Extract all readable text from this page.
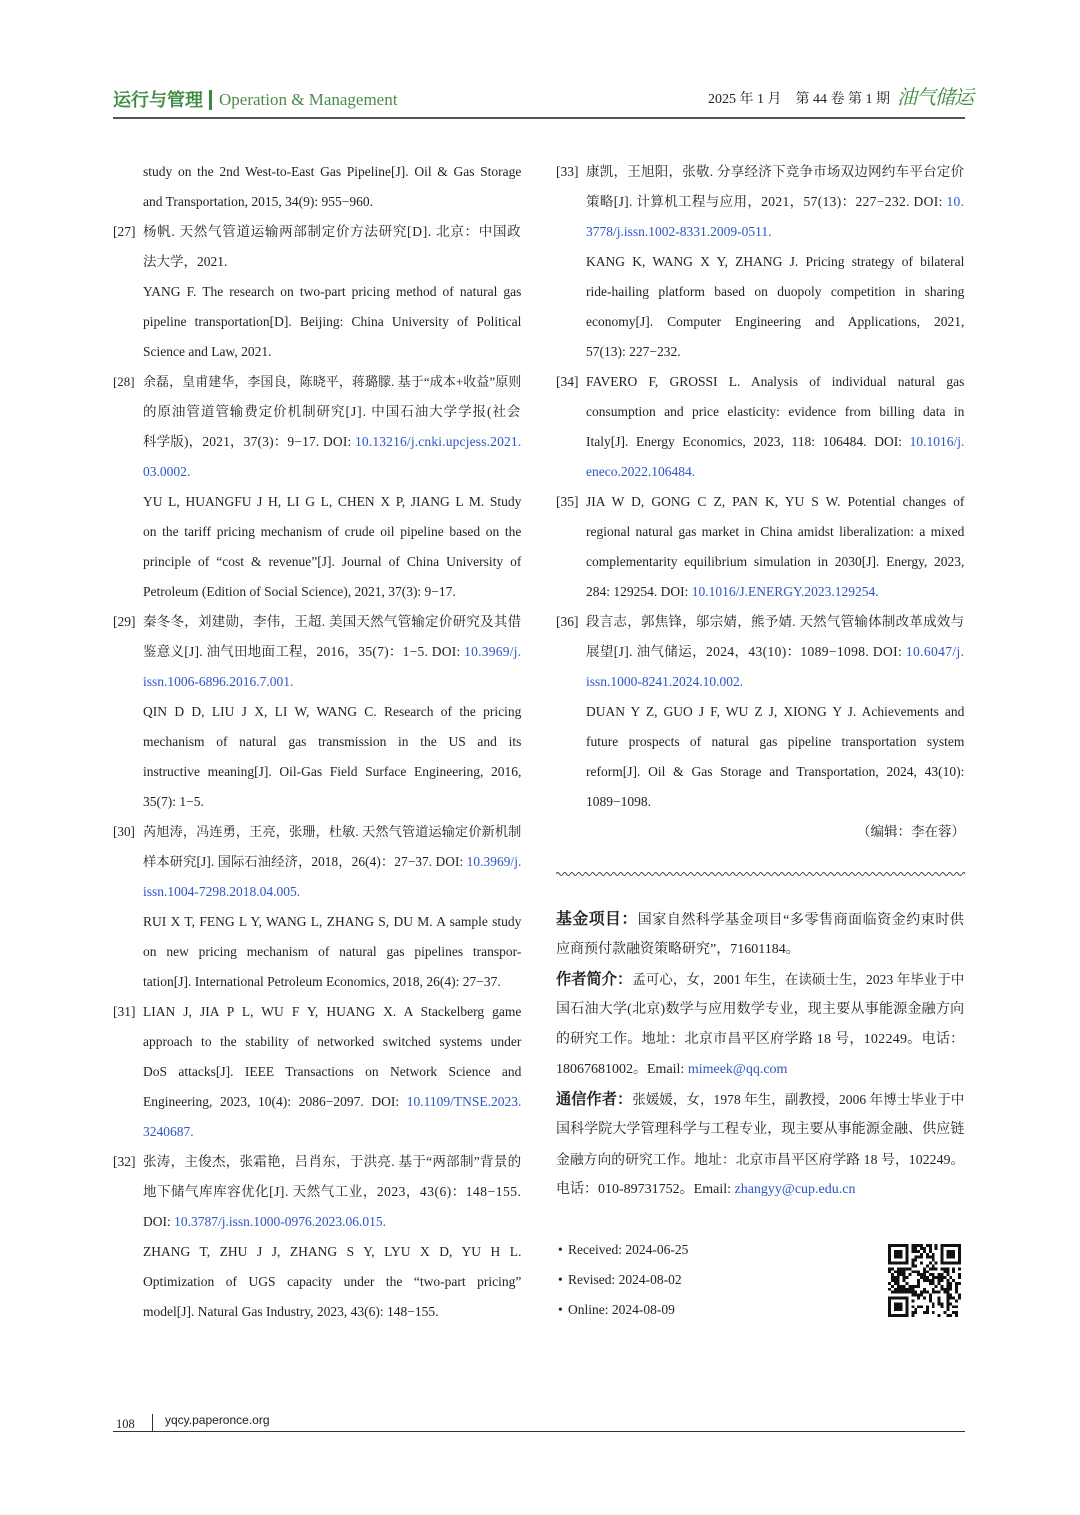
运行与管理 Operation & Management	2025 年 1 月　第 44 卷 第 1 期 油气储运
study on the 2nd West-to-East Gas Pipeline[J]. Oil & Gas Storage
and Transportation, 2015, 34(9): 955−960.
[27] 杨帆. 天然气管道运输两部制定价方法研究[D]. 北京：中国政
法大学，2021.
YANG F. The research on two-part pricing method of natural gas
pipeline transportation[D]. Beijing: China University of Political
Science and Law, 2021.
[28] 余磊，皇甫建华，李国良，陈晓平，蒋璐朦. 基于“成本+收益”原则
的原油管道管输费定价机制研究[J]. 中国石油大学学报(社会
科学版)，2021，37(3)：9−17. DOI: 10.13216/j.cnki.upcjess.2021.
03.0002.
YU L, HUANGFU J H, LI G L, CHEN X P, JIANG L M. Study
on the tariff pricing mechanism of crude oil pipeline based on the
principle of “cost & revenue”[J]. Journal of China University of
Petroleum (Edition of Social Science), 2021, 37(3): 9−17.
[29] 秦冬冬，刘建勋，李伟，王超. 美国天然气管输定价研究及其借
鉴意义[J]. 油气田地面工程，2016，35(7)：1−5. DOI: 10.3969/j.
issn.1006-6896.2016.7.001.
QIN D D, LIU J X, LI W, WANG C. Research of the pricing
mechanism of natural gas transmission in the US and its
instructive meaning[J]. Oil-Gas Field Surface Engineering, 2016,
35(7): 1−5.
[30] 芮旭涛，冯连勇，王亮，张珊，杜敏. 天然气管道运输定价新机制
样本研究[J]. 国际石油经济，2018，26(4)：27−37. DOI: 10.3969/j.
issn.1004-7298.2018.04.005.
RUI X T, FENG L Y, WANG L, ZHANG S, DU M. A sample study
on new pricing mechanism of natural gas pipelines transpor-
tation[J]. International Petroleum Economics, 2018, 26(4): 27−37.
[31] LIAN J, JIA P L, WU F Y, HUANG X. A Stackelberg game
approach to the stability of networked switched systems under
DoS attacks[J]. IEEE Transactions on Network Science and
Engineering, 2023, 10(4): 2086−2097. DOI: 10.1109/TNSE.2023.
3240687.
[32] 张涛，主俊杰，张霜艳，吕肖东，于洪亮. 基于“两部制”背景的
地下储气库库容优化[J]. 天然气工业，2023，43(6)：148−155.
DOI: 10.3787/j.issn.1000-0976.2023.06.015.
ZHANG T, ZHU J J, ZHANG S Y, LYU X D, YU H L.
Optimization of UGS capacity under the “two-part pricing”
model[J]. Natural Gas Industry, 2023, 43(6): 148−155.
[33] 康凯，王旭阳，张敬. 分享经济下竞争市场双边网约车平台定价
策略[J]. 计算机工程与应用，2021，57(13)：227−232. DOI: 10.
3778/j.issn.1002-8331.2009-0511.
KANG K, WANG X Y, ZHANG J. Pricing strategy of bilateral
ride-hailing platform based on duopoly competition in sharing
economy[J]. Computer Engineering and Applications, 2021,
57(13): 227−232.
[34] FAVERO F, GROSSI L. Analysis of individual natural gas
consumption and price elasticity: evidence from billing data in
Italy[J]. Energy Economics, 2023, 118: 106484. DOI: 10.1016/j.
eneco.2022.106484.
[35] JIA W D, GONG C Z, PAN K, YU S W. Potential changes of
regional natural gas market in China amidst liberalization: a mixed
complementarity equilibrium simulation in 2030[J]. Energy, 2023,
284: 129254. DOI: 10.1016/J.ENERGY.2023.129254.
[36] 段言志，郭焦锋，邬宗婧，熊予婧. 天然气管输体制改革成效与
展望[J]. 油气储运，2024，43(10)：1089−1098. DOI: 10.6047/j.
issn.1000-8241.2024.10.002.
DUAN Y Z, GUO J F, WU Z J, XIONG Y J. Achievements and
future prospects of natural gas pipeline transportation system
reform[J]. Oil & Gas Storage and Transportation, 2024, 43(10):
1089−1098.
（编辑：李在蓉）
基金项目：国家自然科学基金项目“多零售商面临资金约束时供
应商预付款融资策略研究”，71601184。
作者简介：孟可心，女，2001 年生，在读硕士生，2023 年毕业于中
国石油大学(北京)数学与应用数学专业，现主要从事能源金融方向
的研究工作。地址：北京市昌平区府学路 18 号，102249。电话：
18067681002。Email: mimeek@qq.com
通信作者：张媛媛，女，1978 年生，副教授，2006 年博士毕业于中
国科学院大学管理科学与工程专业，现主要从事能源金融、供应链
金融方向的研究工作。地址：北京市昌平区府学路 18 号，102249。
电话：010-89731752。Email: zhangyy@cup.edu.cn
•Received: 2024-06-25
•Revised: 2024-08-02
•Online: 2024-08-09
108	yqcy.paperonce.org
